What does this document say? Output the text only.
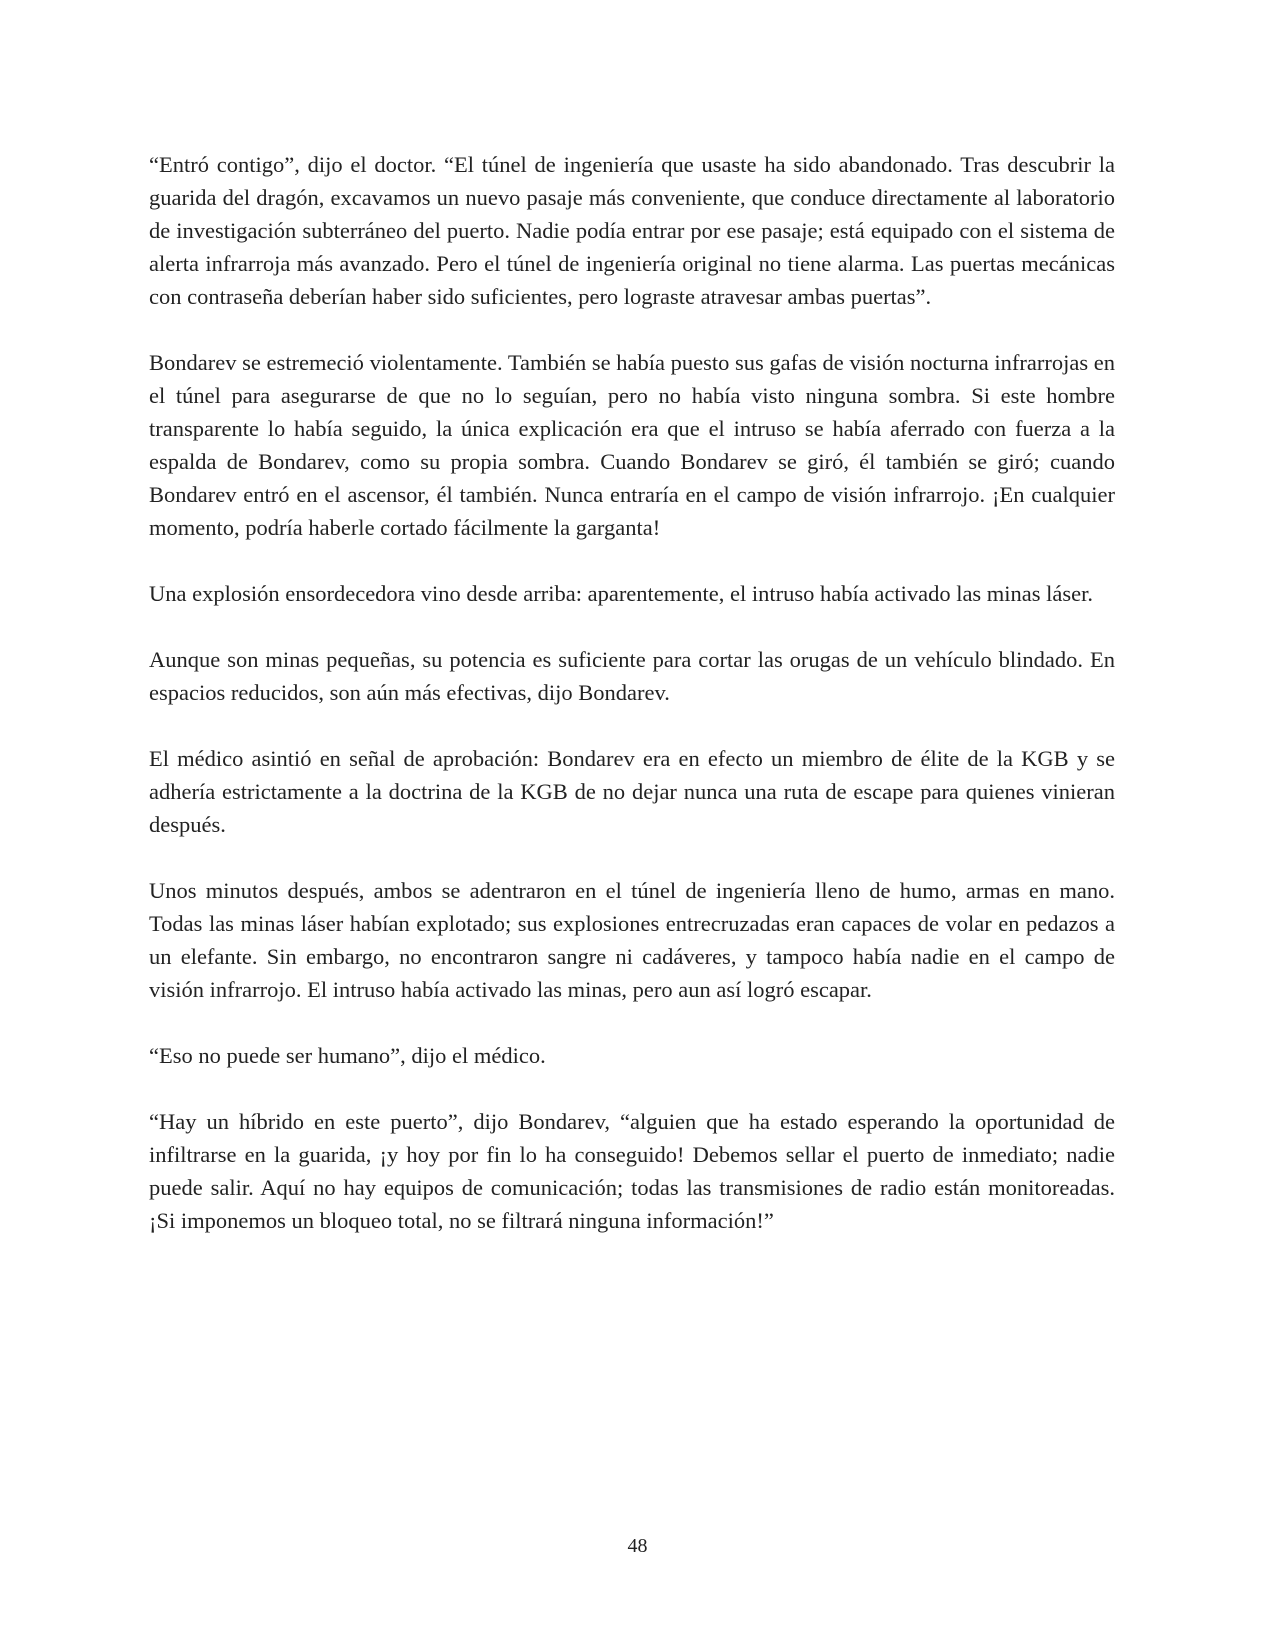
“Entró contigo”, dijo el doctor. “El túnel de ingeniería que usaste ha sido abandonado. Tras descubrir la guarida del dragón, excavamos un nuevo pasaje más conveniente, que conduce directamente al laboratorio de investigación subterráneo del puerto. Nadie podía entrar por ese pasaje; está equipado con el sistema de alerta infrarroja más avanzado. Pero el túnel de ingeniería original no tiene alarma. Las puertas mecánicas con contraseña deberían haber sido suficientes, pero lograste atravesar ambas puertas”.

Bondarev se estremeció violentamente. También se había puesto sus gafas de visión nocturna infrarrojas en el túnel para asegurarse de que no lo seguían, pero no había visto ninguna sombra. Si este hombre transparente lo había seguido, la única explicación era que el intruso se había aferrado con fuerza a la espalda de Bondarev, como su propia sombra. Cuando Bondarev se giró, él también se giró; cuando Bondarev entró en el ascensor, él también. Nunca entraría en el campo de visión infrarrojo. ¡En cualquier momento, podría haberle cortado fácilmente la garganta!

Una explosión ensordecedora vino desde arriba: aparentemente, el intruso había activado las minas láser.

Aunque son minas pequeñas, su potencia es suficiente para cortar las orugas de un vehículo blindado. En espacios reducidos, son aún más efectivas, dijo Bondarev.

El médico asintió en señal de aprobación: Bondarev era en efecto un miembro de élite de la KGB y se adhería estrictamente a la doctrina de la KGB de no dejar nunca una ruta de escape para quienes vinieran después.

Unos minutos después, ambos se adentraron en el túnel de ingeniería lleno de humo, armas en mano. Todas las minas láser habían explotado; sus explosiones entrecruzadas eran capaces de volar en pedazos a un elefante. Sin embargo, no encontraron sangre ni cadáveres, y tampoco había nadie en el campo de visión infrarrojo. El intruso había activado las minas, pero aun así logró escapar.

“Eso no puede ser humano”, dijo el médico.

“Hay un híbrido en este puerto”, dijo Bondarev, “alguien que ha estado esperando la oportunidad de infiltrarse en la guarida, ¡y hoy por fin lo ha conseguido! Debemos sellar el puerto de inmediato; nadie puede salir. Aquí no hay equipos de comunicación; todas las transmisiones de radio están monitoreadas. ¡Si imponemos un bloqueo total, no se filtrará ninguna información!”

48
